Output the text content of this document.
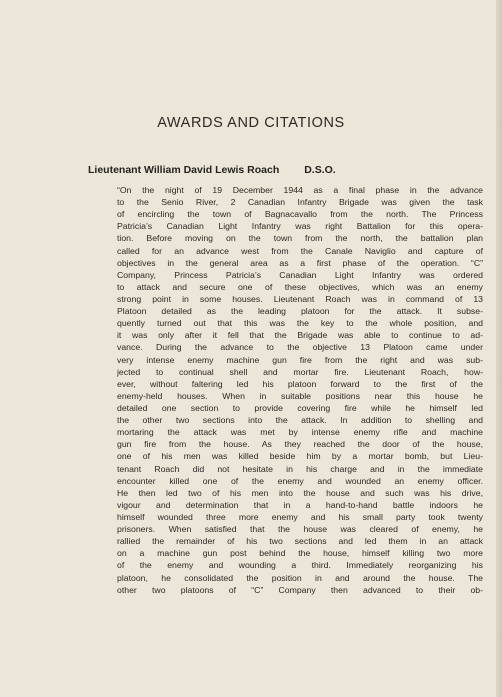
AWARDS AND CITATIONS
Lieutenant William David Lewis Roach D.S.O.
“On the night of 19 December 1944 as a final phase in the advance
to the Senio River, 2 Canadian Infantry Brigade was given the task
of encircling the town of Bagnacavallo from the north. The Princess
Patricia’s Canadian Light Infantry was right Battalion for this opera-
tion. Before moving on the town from the north, the battalion plan
called for an advance west from the Canale Naviglio and capture of
objectives in the general area as a first phase of the operation. “C”
Company, Princess Patricia’s Canadian Light Infantry was ordered
to attack and secure one of these objectives, which was an enemy
strong point in some houses. Lieutenant Roach was in command of 13
Platoon detailed as the leading platoon for the attack. It subse-
quently turned out that this was the key to the whole position, and
it was only after it fell that the Brigade was able to continue to ad-
vance. During the advance to the objective 13 Platoon came under
very intense enemy machine gun fire from the right and was sub-
jected to continual shell and mortar fire. Lieutenant Roach, how-
ever, without faltering led his platoon forward to the first of the
enemy-held houses. When in suitable positions near this house he
detailed one section to provide covering fire while he himself led
the other two sections into the attack. In addition to shelling and
mortaring the attack was met by intense enemy rifle and machine
gun fire from the house. As they reached the door of the house,
one of his men was killed beside him by a mortar bomb, but Lieu-
tenant Roach did not hesitate in his charge and in the immediate
encounter killed one of the enemy and wounded an enemy officer.
He then led two of his men into the house and such was his drive,
vigour and determination that in a hand-to-hand battle indoors he
himself wounded three more enemy and his small party took twenty
prisoners. When satisfied that the house was cleared of enemy, he
rallied the remainder of his two sections and led them in an attack
on a machine gun post behind the house, himself killing two more
of the enemy and wounding a third. Immediately reorganizing his
platoon, he consolidated the position in and around the house. The
other two platoons of “C” Company then advanced to their ob-
